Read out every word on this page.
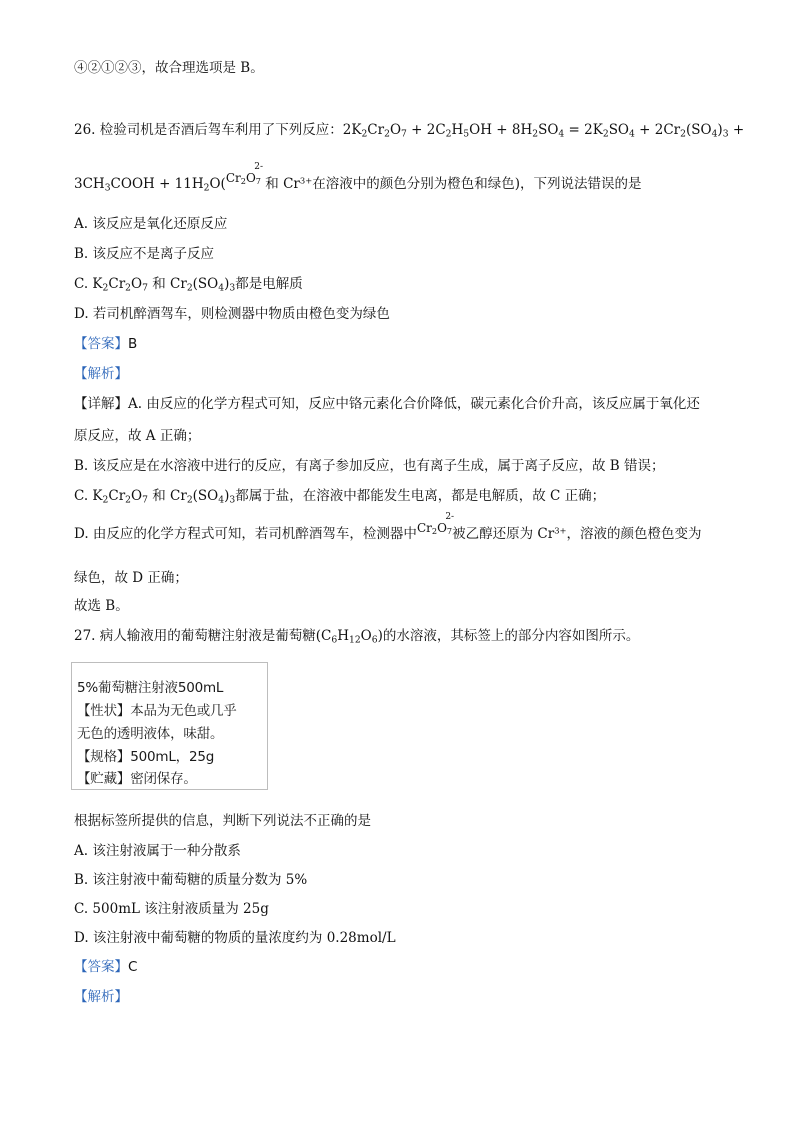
④②①②③，故合理选项是 B。
26. 检验司机是否酒后驾车利用了下列反应：$2K_2Cr_2O_7 + 2C_2H_5OH + 8H_2SO_4 = 2K_2SO_4 + 2Cr_2(SO_4)_3$ +
$3CH_3COOH + 11H_2O(Cr_2O_7$
2-
和 $Cr^{3+}$在溶液中的颜色分别为橙色和绿色)，下列说法错误的是
A. 该反应是氧化还原反应
B. 该反应不是离子反应
C. $K_2Cr_2O_7$ 和 $Cr_2(SO_4)_3$都是电解质
D. 若司机醉酒驾车，则检测器中物质由橙色变为绿色
【答案】B
【解析】
【详解】A. 由反应的化学方程式可知，反应中铬元素化合价降低，碳元素化合价升高，该反应属于氧化还
原反应，故 A 正确；
B. 该反应是在水溶液中进行的反应，有离子参加反应，也有离子生成，属于离子反应，故 B 错误；
C. $K_2Cr_2O_7$ 和 $Cr_2(SO_4)_3$都属于盐，在溶液中都能发生电离，都是电解质，故 C 正确；
D. 由反应的化学方程式可知，若司机醉酒驾车，检测器中$Cr_2O_7$
2-
被乙醇还原为 $Cr^{3+}$，溶液的颜色橙色变为
绿色，故 D 正确；
故选 B。
27. 病人输液用的葡萄糖注射液是葡萄糖$(C_6H_{12}O_6)$的水溶液，其标签上的部分内容如图所示。
5%葡萄糖注射液500mL
【性状】本品为无色或几乎
无色的透明液体，味甜。
【规格】500mL，25g
【贮藏】密闭保存。
根据标签所提供的信息，判断下列说法不正确的是
A. 该注射液属于一种分散系
B. 该注射液中葡萄糖的质量分数为 5%
C. 500mL 该注射液质量为 25g
D. 该注射液中葡萄糖的物质的量浓度约为 0.28mol/L
【答案】C
【解析】
